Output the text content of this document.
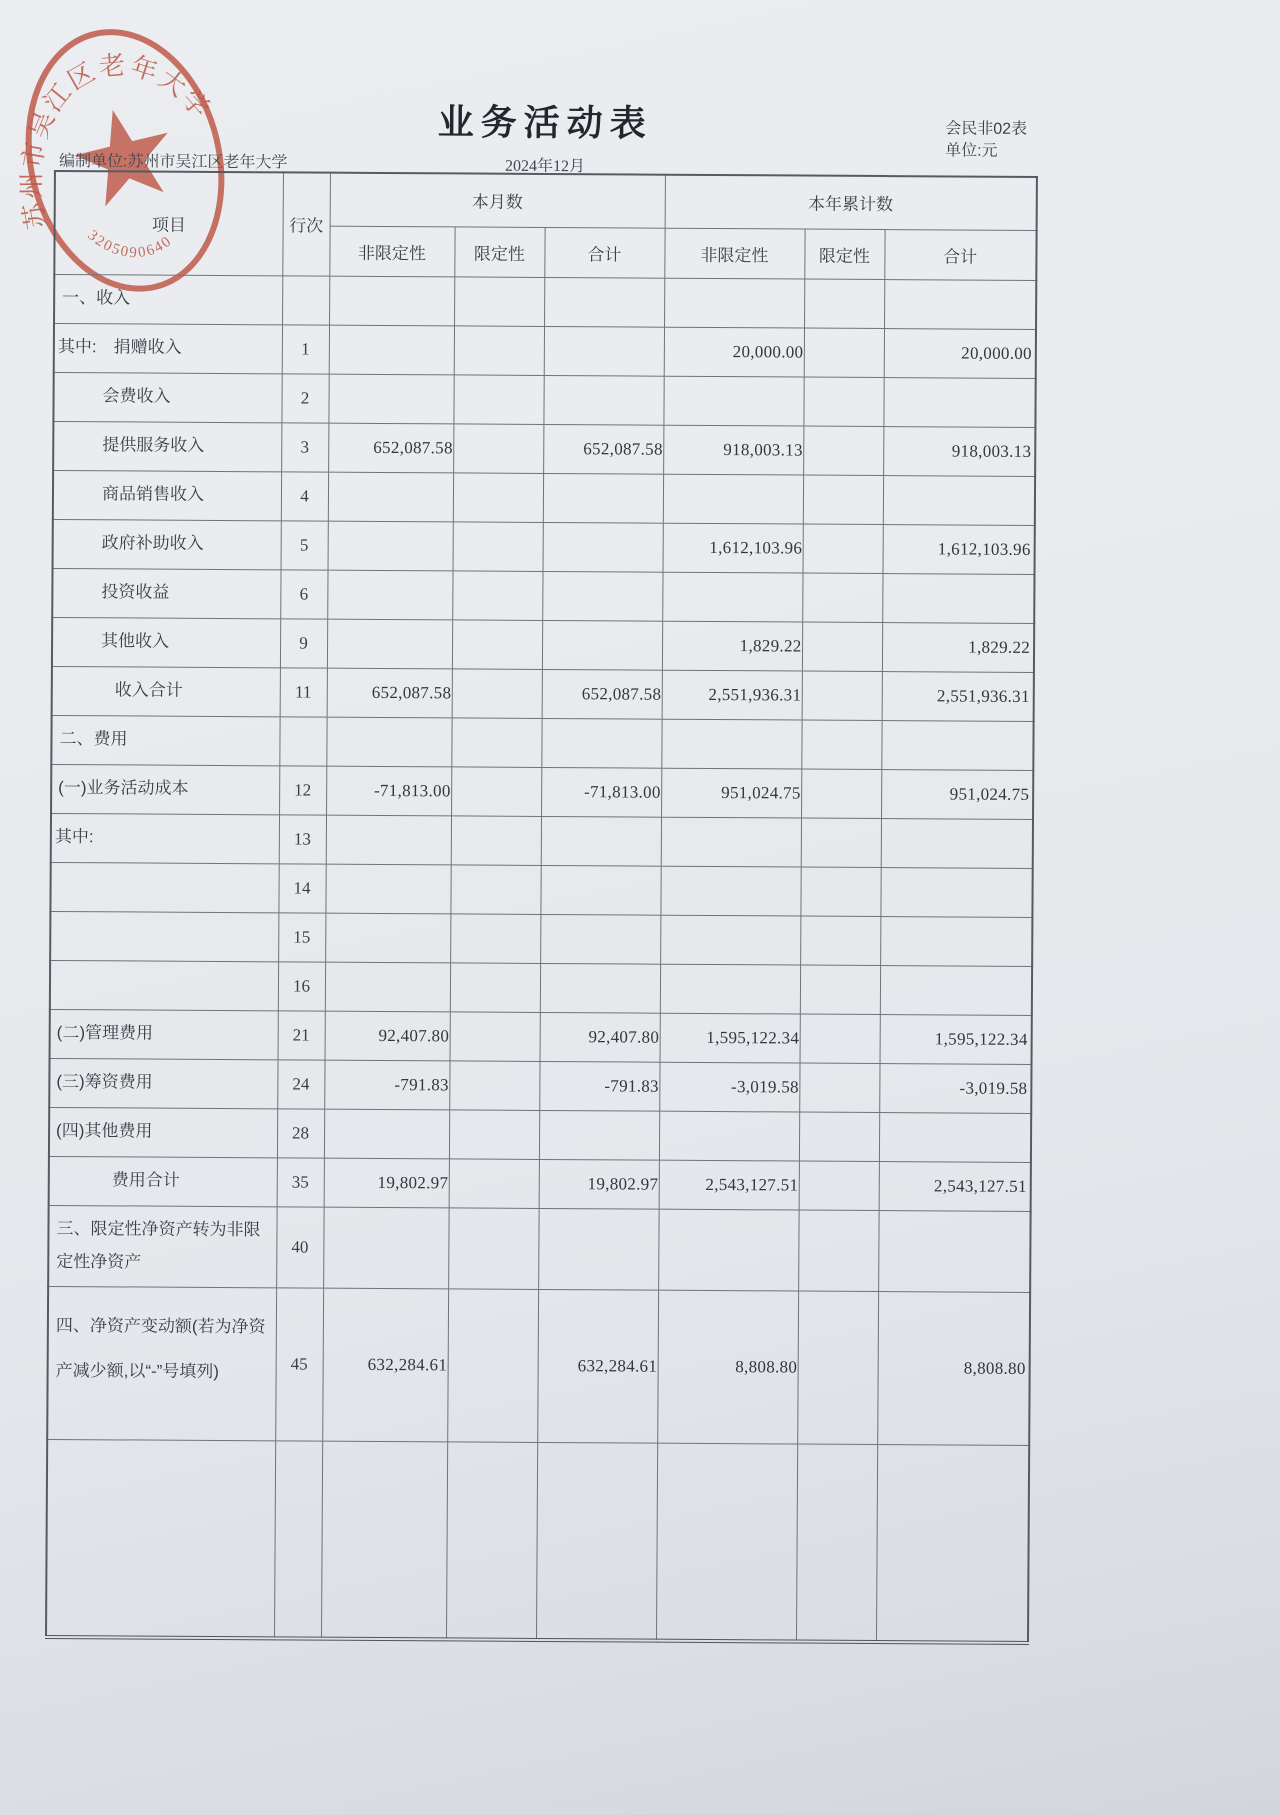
苏州市吴江区老年大学
3205090640
业务活动表	会民非02表
单位:元
编制单位:苏州市吴江区老年大学	2024年12月
项目	行次	本月数			本年累计数		
		非限定性	限定性	合计	非限定性	限定性	合计
一、收入							
其中:　捐赠收入	1				20,000.00		20,000.00
会费收入	2						
提供服务收入	3	652,087.58		652,087.58	918,003.13		918,003.13
商品销售收入	4						
政府补助收入	5				1,612,103.96		1,612,103.96
投资收益	6						
其他收入	9				1,829.22		1,829.22
收入合计	11	652,087.58		652,087.58	2,551,936.31		2,551,936.31
二、费用							
(一)业务活动成本	12	-71,813.00		-71,813.00	951,024.75		951,024.75
其中:	13						
	14						
	15						
	16						
(二)管理费用	21	92,407.80		92,407.80	1,595,122.34		1,595,122.34
(三)筹资费用	24	-791.83		-791.83	-3,019.58		-3,019.58
(四)其他费用	28						
费用合计	35	19,802.97		19,802.97	2,543,127.51		2,543,127.51
三、限定性净资产转为非限定性净资产	40						
四、净资产变动额(若为净资产减少额,以“-”号填列)	45	632,284.61		632,284.61	8,808.80		8,808.80
